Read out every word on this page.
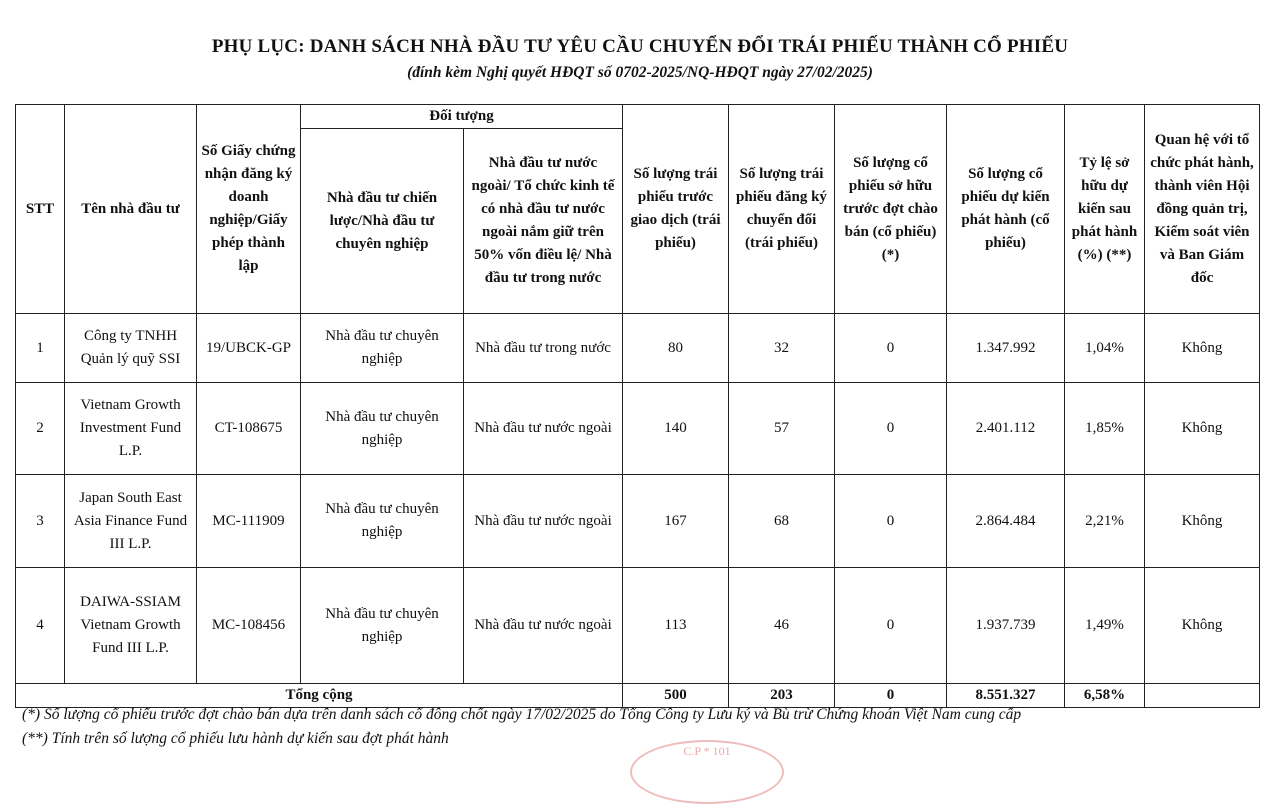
PHỤ LỤC: DANH SÁCH NHÀ ĐẦU TƯ YÊU CẦU CHUYỂN ĐỔI TRÁI PHIẾU THÀNH CỔ PHIẾU
(đính kèm Nghị quyết HĐQT số 0702-2025/NQ-HĐQT ngày 27/02/2025)
STT	Tên nhà đầu tư	Số Giấy chứng nhận đăng ký doanh nghiệp/Giấy phép thành lập	Đối tượng		Số lượng trái phiếu trước giao dịch (trái phiếu)	Số lượng trái phiếu đăng ký chuyển đổi (trái phiếu)	Số lượng cổ phiếu sở hữu trước đợt chào bán (cổ phiếu) (*)	Số lượng cổ phiếu dự kiến phát hành (cổ phiếu)	Tỷ lệ sở hữu dự kiến sau phát hành (%) (**)	Quan hệ với tổ chức phát hành, thành viên Hội đồng quản trị, Kiểm soát viên và Ban Giám đốc
			Nhà đầu tư chiến lược/Nhà đầu tư chuyên nghiệp	Nhà đầu tư nước ngoài/ Tổ chức kinh tế có nhà đầu tư nước ngoài nắm giữ trên 50% vốn điều lệ/ Nhà đầu tư trong nước						
1	Công ty TNHH Quản lý quỹ SSI	19/UBCK-GP	Nhà đầu tư chuyên nghiệp	Nhà đầu tư trong nước	80	32	0	1.347.992	1,04%	Không
2	Vietnam Growth Investment Fund L.P.	CT-108675	Nhà đầu tư chuyên nghiệp	Nhà đầu tư nước ngoài	140	57	0	2.401.112	1,85%	Không
3	Japan South East Asia Finance Fund III L.P.	MC-111909	Nhà đầu tư chuyên nghiệp	Nhà đầu tư nước ngoài	167	68	0	2.864.484	2,21%	Không
4	DAIWA-SSIAM Vietnam Growth Fund III L.P.	MC-108456	Nhà đầu tư chuyên nghiệp	Nhà đầu tư nước ngoài	113	46	0	1.937.739	1,49%	Không
Tổng cộng					500	203	0	8.551.327	6,58%	
(*) Số lượng cổ phiếu trước đợt chào bán dựa trên danh sách cổ đông chốt ngày 17/02/2025 do Tổng Công ty Lưu ký và Bù trừ Chứng khoán Việt Nam cung cấp
(**) Tính trên số lượng cổ phiếu lưu hành dự kiến sau đợt phát hành
C.P * 101
